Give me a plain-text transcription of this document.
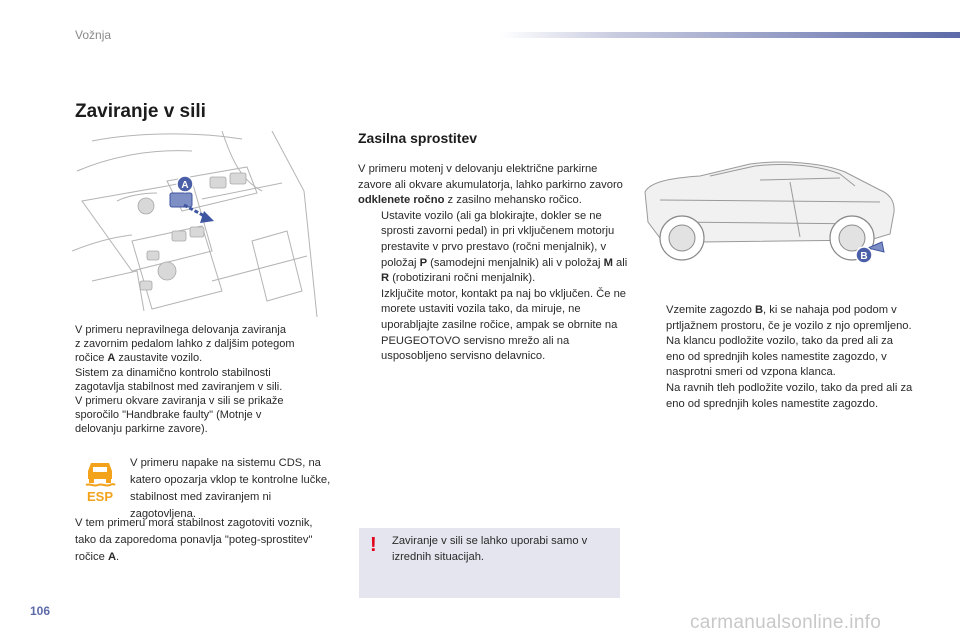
Vožnja
Zaviranje v sili
A
B
V primeru nepravilnega delovanja zaviranja
z zavornim pedalom lahko z daljšim potegom
ročice A zaustavite vozilo.
Sistem za dinamično kontrolo stabilnosti
zagotavlja stabilnost med zaviranjem v sili.
V primeru okvare zaviranja v sili se prikaže
sporočilo "Handbrake faulty" (Motnje v
delovanju parkirne zavore).
ESP
V primeru napake na sistemu CDS, na katero opozarja vklop te kontrolne lučke, stabilnost med zaviranjem ni zagotovljena.
V tem primeru mora stabilnost zagotoviti voznik, tako da zaporedoma ponavlja "poteg-sprostitev" ročice A.
Zasilna sprostitev
V primeru motenj v delovanju električne parkirne zavore ali okvare akumulatorja, lahko parkirno zavoro odklenete ročno z zasilno mehansko ročico.
Ustavite vozilo (ali ga blokirajte, dokler se ne sprosti zavorni pedal) in pri vključenem motorju prestavite v prvo prestavo (ročni menjalnik), v položaj P (samodejni menjalnik) ali v položaj M ali R (robotizirani ročni menjalnik).
Izključite motor, kontakt pa naj bo vključen. Če ne morete ustaviti vozila tako, da miruje, ne uporabljajte zasilne ročice, ampak se obrnite na PEUGEOTOVO servisno mrežo ali na usposobljeno servisno delavnico.
! Zaviranje v sili se lahko uporabi samo v izrednih situacijah.
Vzemite zagozdo B, ki se nahaja pod podom v prtljažnem prostoru, če je vozilo z njo opremljeno.
Na klancu podložite vozilo, tako da pred ali za eno od sprednjih koles namestite zagozdo, v nasprotni smeri od vzpona klanca.
Na ravnih tleh podložite vozilo, tako da pred ali za eno od sprednjih koles namestite zagozdo.
106
carmanualsonline.info
